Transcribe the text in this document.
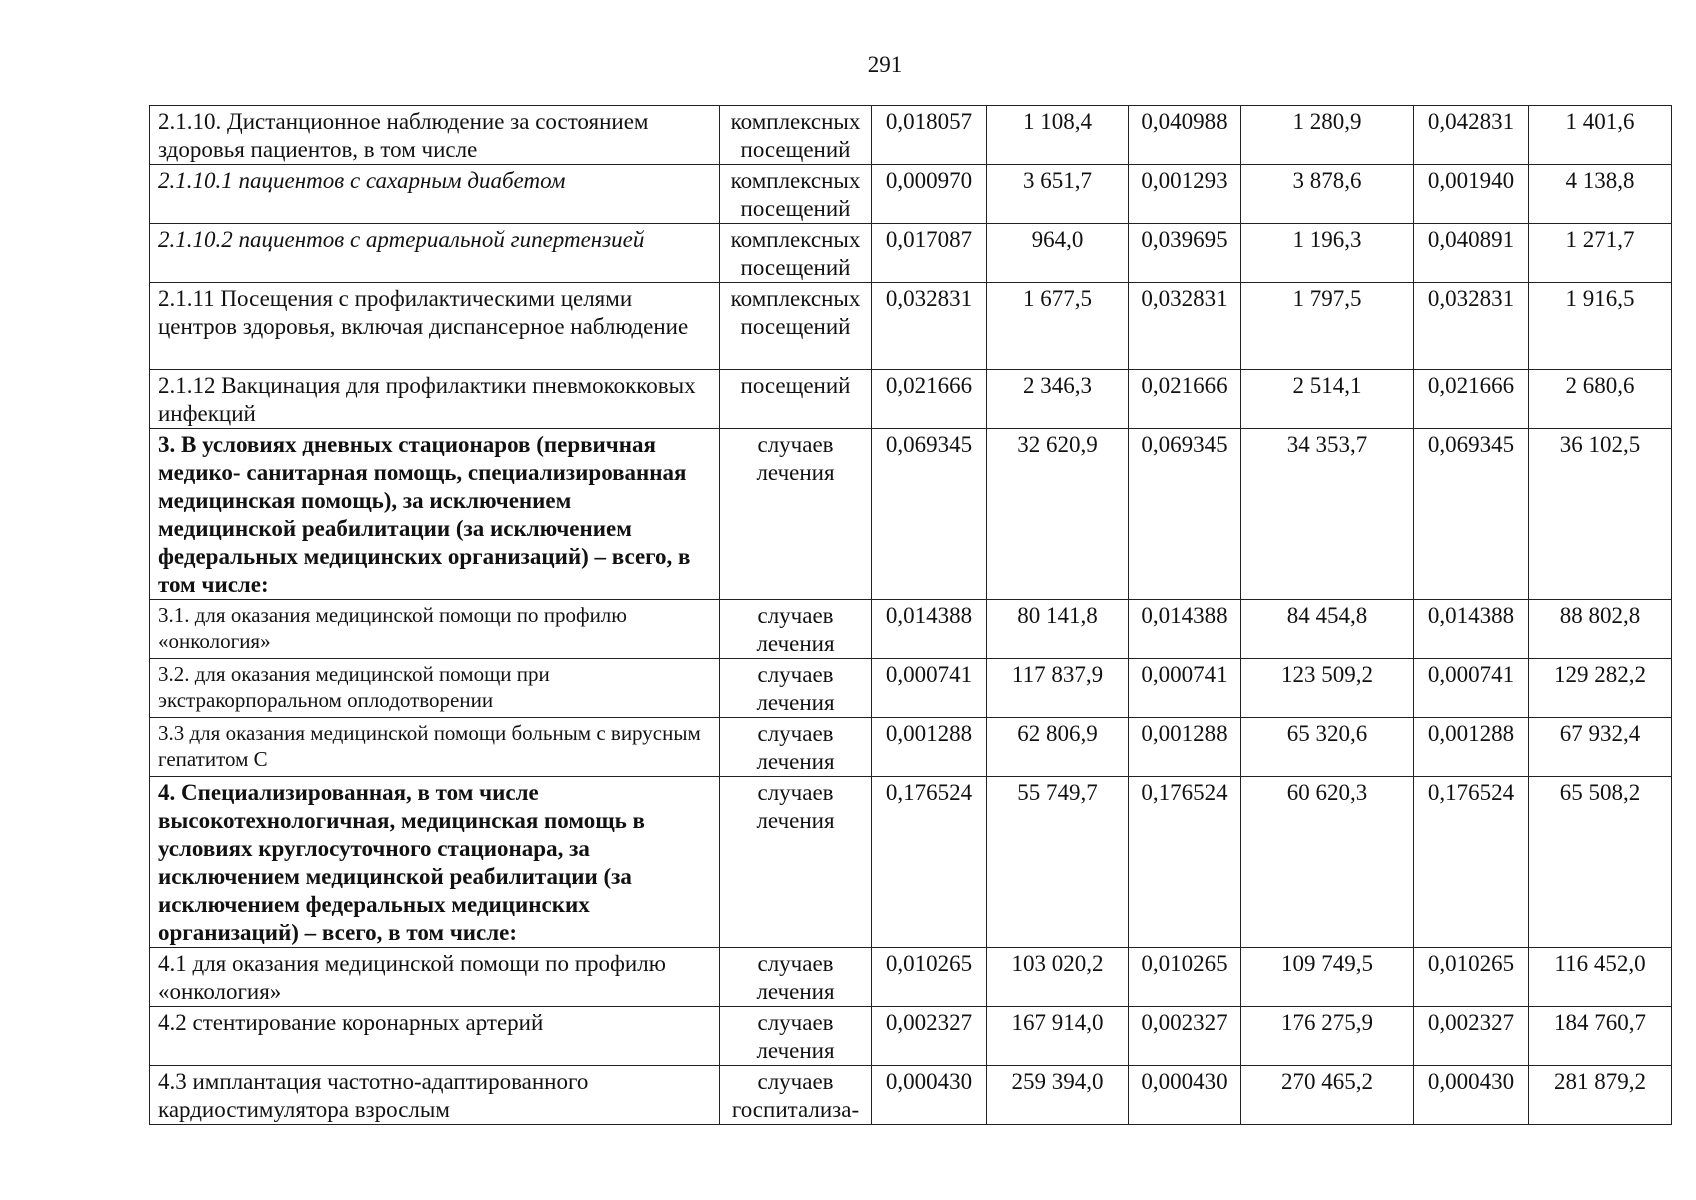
291
2.1.10. Дистанционное наблюдение за состоянием здоровья пациентов, в том числе	комплексных посещений	0,018057	1 108,4	0,040988	1 280,9	0,042831	1 401,6
2.1.10.1 пациентов с сахарным диабетом	комплексных посещений	0,000970	3 651,7	0,001293	3 878,6	0,001940	4 138,8
2.1.10.2 пациентов с артериальной гипертензией	комплексных посещений	0,017087	964,0	0,039695	1 196,3	0,040891	1 271,7
2.1.11 Посещения с профилактическими целями центров здоровья, включая диспансерное наблюдение	комплексных посещений	0,032831	1 677,5	0,032831	1 797,5	0,032831	1 916,5
2.1.12 Вакцинация для профилактики пневмококковых инфекций	посещений	0,021666	2 346,3	0,021666	2 514,1	0,021666	2 680,6
3. В условиях дневных стационаров (первичная медико- санитарная помощь, специализированная медицинская помощь), за исключением медицинской реабилитации (за исключением федеральных медицинских организаций) – всего, в том числе:	случаев лечения	0,069345	32 620,9	0,069345	34 353,7	0,069345	36 102,5
3.1. для оказания медицинской помощи по профилю «онкология»	случаев лечения	0,014388	80 141,8	0,014388	84 454,8	0,014388	88 802,8
3.2. для оказания медицинской помощи при экстракорпоральном оплодотворении	случаев лечения	0,000741	117 837,9	0,000741	123 509,2	0,000741	129 282,2
3.3 для оказания медицинской помощи больным с вирусным гепатитом С	случаев лечения	0,001288	62 806,9	0,001288	65 320,6	0,001288	67 932,4
4. Специализированная, в том числе высокотехнологичная, медицинская помощь в условиях круглосуточного стационара, за исключением медицинской реабилитации (за исключением федеральных медицинских организаций) – всего, в том числе:	случаев лечения	0,176524	55 749,7	0,176524	60 620,3	0,176524	65 508,2
4.1 для оказания медицинской помощи по профилю «онкология»	случаев лечения	0,010265	103 020,2	0,010265	109 749,5	0,010265	116 452,0
4.2 стентирование коронарных артерий	случаев лечения	0,002327	167 914,0	0,002327	176 275,9	0,002327	184 760,7
4.3 имплантация частотно-адаптированного кардиостимулятора взрослым	случаев госпитализа-	0,000430	259 394,0	0,000430	270 465,2	0,000430	281 879,2
